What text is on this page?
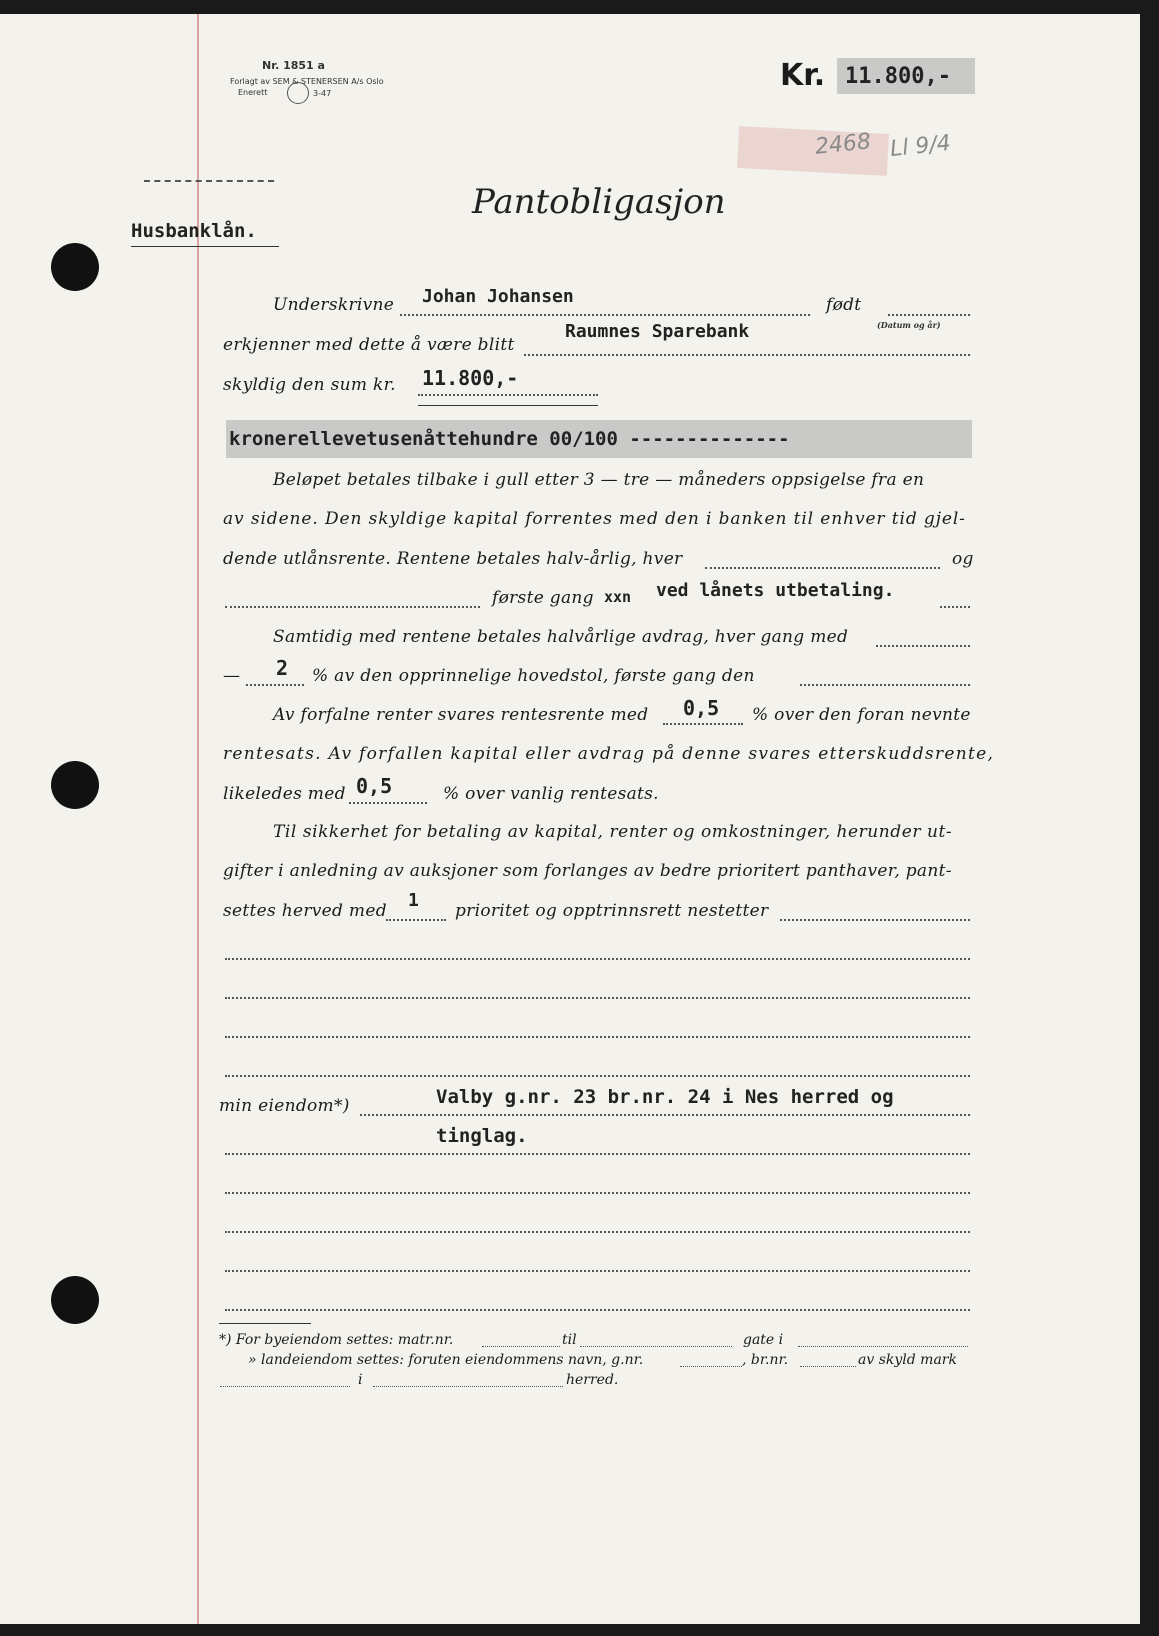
Nr. 1851 a
Forlagt av SEM & STENERSEN A/s Oslo
Enerett	3-47
Kr. 11.800,-
2468 Ll 9/4
Husbanklån.
Pantobligasjon
Underskrivne Johan Johansen	født
(Datum og år)
erkjenner med dette å være blitt
Raumnes Sparebank
skyldig den sum kr. 11.800,-
kronerellevetusenåttehundre 00/100 --------------
Beløpet betales tilbake i gull etter 3 — tre — måneders oppsigelse fra en
av sidene. Den skyldige kapital forrentes med den i banken til enhver tid gjel-
dende utlånsrente. Rentene betales halv-årlig, hver	og
første gang xxn ved lånets utbetaling.
Samtidig med rentene betales halvårlige avdrag, hver gang med
— 2 % av den opprinnelige hovedstol, første gang den
Av forfalne renter svares rentesrente med 0,5 % over den foran nevnte
rentesats. Av forfallen kapital eller avdrag på denne svares etterskuddsrente,
likeledes med 0,5	% over vanlig rentesats.
Til sikkerhet for betaling av kapital, renter og omkostninger, herunder ut-
gifter i anledning av auksjoner som forlanges av bedre prioritert panthaver, pant-
settes herved med 1 prioritet og opptrinnsrett nestetter
min eiendom*)	Valby g.nr. 23 br.nr. 24 i Nes herred og
tinglag.
*) For byeiendom settes: matr.nr.	til	gate i
» landeiendom settes: foruten eiendommens navn, g.nr.	, br.nr.	av skyld mark
i	herred.
